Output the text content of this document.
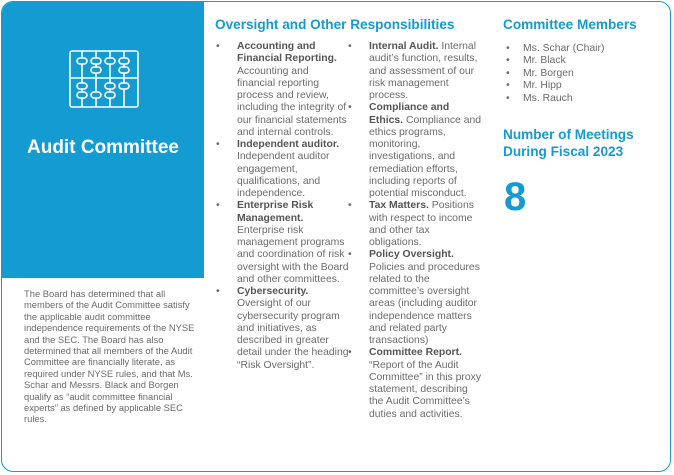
Audit Committee
The Board has determined that all members of the Audit Committee satisfy the applicable audit committee independence requirements of the NYSE and the SEC. The Board has also determined that all members of the Audit Committee are financially literate, as required under NYSE rules, and that Ms. Schar and Messrs. Black and Borgen qualify as “audit committee financial experts” as defined by applicable SEC rules.
Oversight and Other Responsibilities
• Accounting and Financial Reporting. Accounting and financial reporting process and review, including the integrity of our financial statements and internal controls.
• Independent auditor. Independent auditor engagement, qualifications, and independence.
• Enterprise Risk Management. Enterprise risk management programs and coordination of risk oversight with the Board and other committees.
• Cybersecurity. Oversight of our cybersecurity program and initiatives, as described in greater detail under the heading “Risk Oversight”.
• Internal Audit. Internal audit’s function, results, and assessment of our risk management process.
• Compliance and Ethics. Compliance and ethics programs, monitoring, investigations, and remediation efforts, including reports of potential misconduct.
• Tax Matters. Positions with respect to income and other tax obligations.
• Policy Oversight. Policies and procedures related to the committee’s oversight areas (including auditor independence matters and related party transactions)
• Committee Report. “Report of the Audit Committee” in this proxy statement, describing the Audit Committee’s duties and activities.
Committee Members
• Ms. Schar (Chair)
• Mr. Black
• Mr. Borgen
• Mr. Hipp
• Ms. Rauch
Number of Meetings During Fiscal 2023
8
